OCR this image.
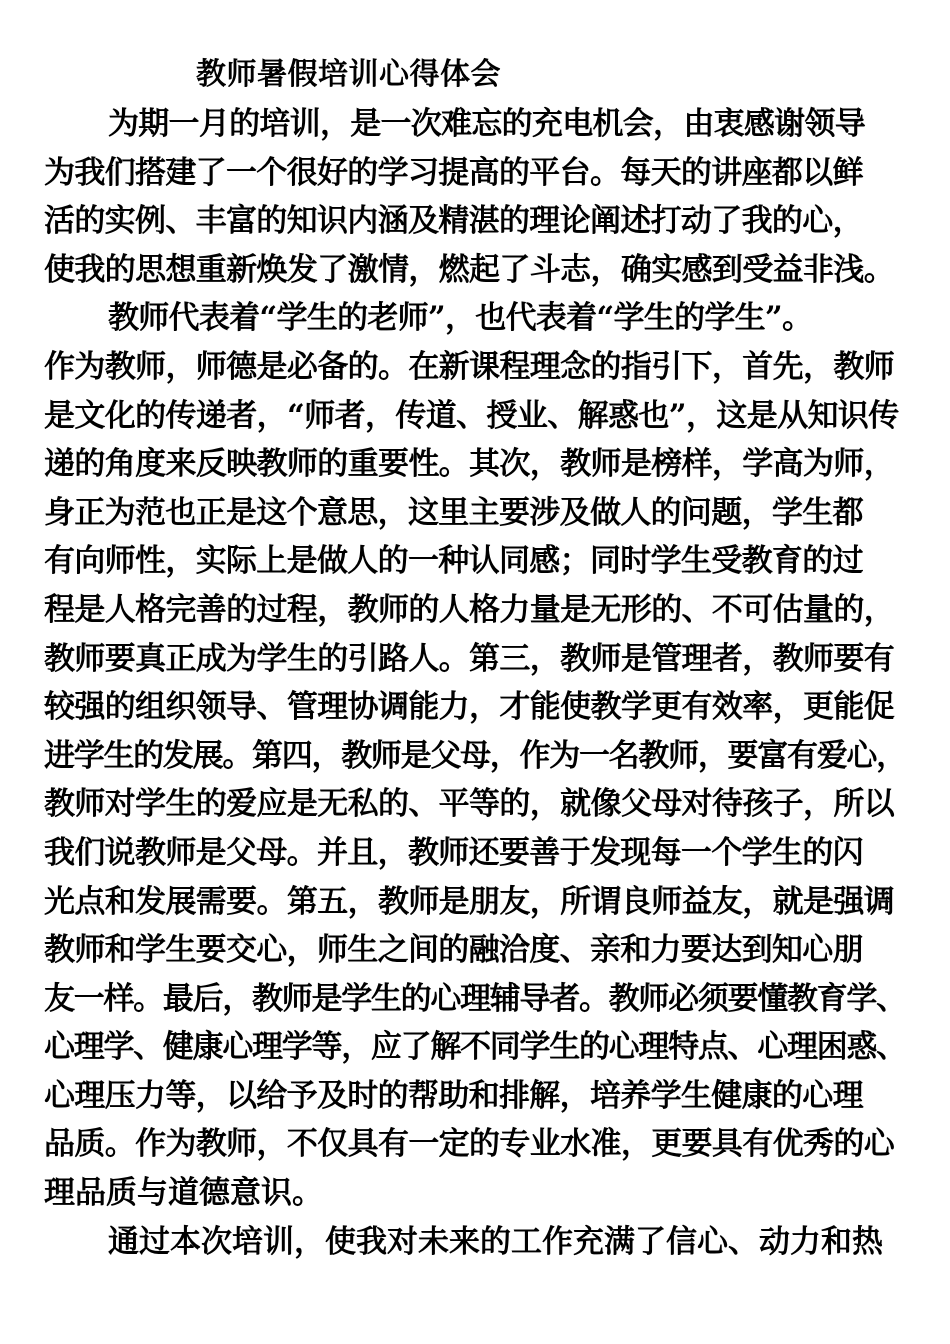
教师暑假培训心得体会
为期一月的培训，是一次难忘的充电机会，由衷感谢领导
为我们搭建了一个很好的学习提高的平台。每天的讲座都以鲜
活的实例、丰富的知识内涵及精湛的理论阐述打动了我的心，
使我的思想重新焕发了激情，燃起了斗志，确实感到受益非浅。
教师代表着“学生的老师”，也代表着“学生的学生”。
作为教师，师德是必备的。在新课程理念的指引下，首先，教师
是文化的传递者，“师者，传道、授业、解惑也”，这是从知识传
递的角度来反映教师的重要性。其次，教师是榜样，学高为师，
身正为范也正是这个意思，这里主要涉及做人的问题，学生都
有向师性，实际上是做人的一种认同感；同时学生受教育的过
程是人格完善的过程，教师的人格力量是无形的、不可估量的，
教师要真正成为学生的引路人。第三，教师是管理者，教师要有
较强的组织领导、管理协调能力，才能使教学更有效率，更能促
进学生的发展。第四，教师是父母，作为一名教师，要富有爱心，
教师对学生的爱应是无私的、平等的，就像父母对待孩子，所以
我们说教师是父母。并且，教师还要善于发现每一个学生的闪
光点和发展需要。第五，教师是朋友，所谓良师益友，就是强调
教师和学生要交心，师生之间的融洽度、亲和力要达到知心朋
友一样。最后，教师是学生的心理辅导者。教师必须要懂教育学、
心理学、健康心理学等，应了解不同学生的心理特点、心理困惑、
心理压力等，以给予及时的帮助和排解，培养学生健康的心理
品质。作为教师，不仅具有一定的专业水准，更要具有优秀的心
理品质与道德意识。
通过本次培训，使我对未来的工作充满了信心、动力和热
